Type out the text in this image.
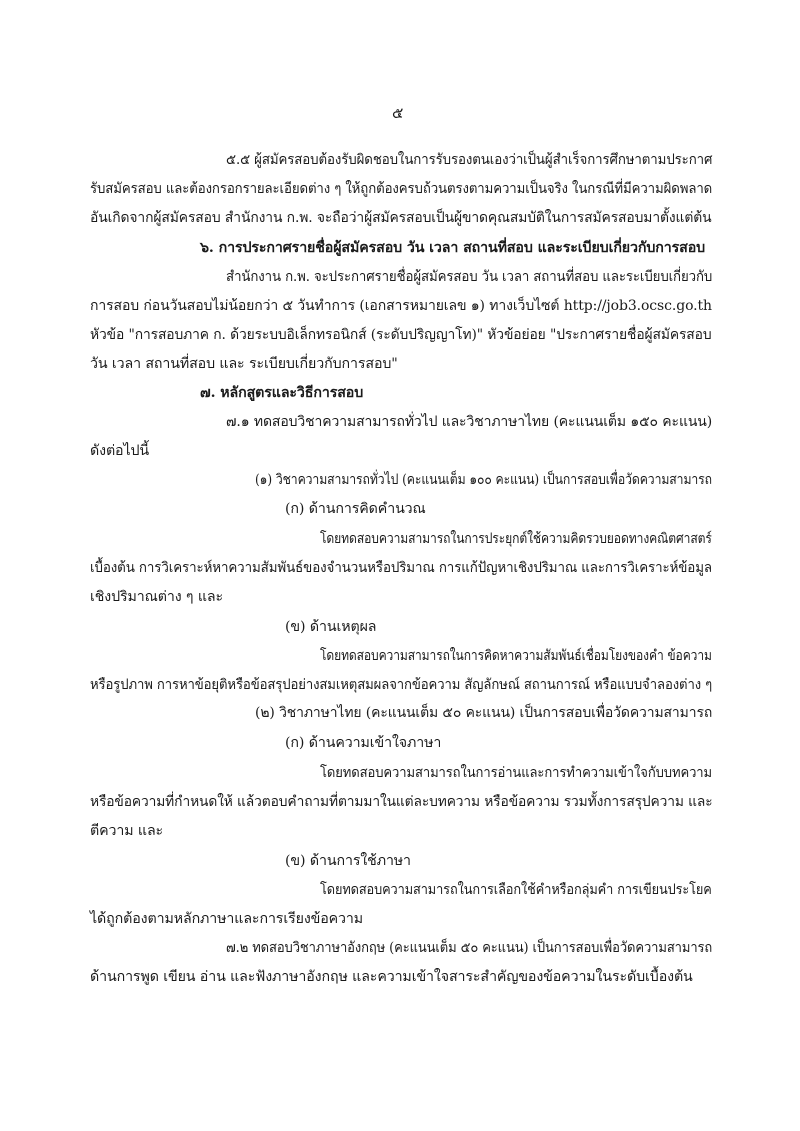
๕
๕.๕ ผู้สมัครสอบต้องรับผิดชอบในการรับรองตนเองว่าเป็นผู้สำเร็จการศึกษาตามประกาศ
รับสมัครสอบ และต้องกรอกรายละเอียดต่าง ๆ ให้ถูกต้องครบถ้วนตรงตามความเป็นจริง ในกรณีที่มีความผิดพลาด
อันเกิดจากผู้สมัครสอบ สำนักงาน ก.พ. จะถือว่าผู้สมัครสอบเป็นผู้ขาดคุณสมบัติในการสมัครสอบมาตั้งแต่ต้น
๖. การประกาศรายชื่อผู้สมัครสอบ วัน เวลา สถานที่สอบ และระเบียบเกี่ยวกับการสอบ
สำนักงาน ก.พ. จะประกาศรายชื่อผู้สมัครสอบ วัน เวลา สถานที่สอบ และระเบียบเกี่ยวกับ
การสอบ ก่อนวันสอบไม่น้อยกว่า ๕ วันทำการ (เอกสารหมายเลข ๑) ทางเว็บไซต์ http://job3.ocsc.go.th
หัวข้อ "การสอบภาค ก. ด้วยระบบอิเล็กทรอนิกส์ (ระดับปริญญาโท)" หัวข้อย่อย "ประกาศรายชื่อผู้สมัครสอบ
วัน เวลา สถานที่สอบ และ ระเบียบเกี่ยวกับการสอบ"
๗. หลักสูตรและวิธีการสอบ
๗.๑ ทดสอบวิชาความสามารถทั่วไป และวิชาภาษาไทย (คะแนนเต็ม ๑๕๐ คะแนน)
ดังต่อไปนี้
(๑) วิชาความสามารถทั่วไป (คะแนนเต็ม ๑๐๐ คะแนน) เป็นการสอบเพื่อวัดความสามารถ
(ก) ด้านการคิดคำนวณ
โดยทดสอบความสามารถในการประยุกต์ใช้ความคิดรวบยอดทางคณิตศาสตร์
เบื้องต้น การวิเคราะห์หาความสัมพันธ์ของจำนวนหรือปริมาณ การแก้ปัญหาเชิงปริมาณ และการวิเคราะห์ข้อมูล
เชิงปริมาณต่าง ๆ และ
(ข) ด้านเหตุผล
โดยทดสอบความสามารถในการคิดหาความสัมพันธ์เชื่อมโยงของคำ ข้อความ
หรือรูปภาพ การหาข้อยุติหรือข้อสรุปอย่างสมเหตุสมผลจากข้อความ สัญลักษณ์ สถานการณ์ หรือแบบจำลองต่าง ๆ
(๒) วิชาภาษาไทย (คะแนนเต็ม ๕๐ คะแนน) เป็นการสอบเพื่อวัดความสามารถ
(ก) ด้านความเข้าใจภาษา
โดยทดสอบความสามารถในการอ่านและการทำความเข้าใจกับบทความ
หรือข้อความที่กำหนดให้ แล้วตอบคำถามที่ตามมาในแต่ละบทความ หรือข้อความ รวมทั้งการสรุปความ และ
ตีความ และ
(ข) ด้านการใช้ภาษา
โดยทดสอบความสามารถในการเลือกใช้คำหรือกลุ่มคำ การเขียนประโยค
ได้ถูกต้องตามหลักภาษาและการเรียงข้อความ
๗.๒ ทดสอบวิชาภาษาอังกฤษ (คะแนนเต็ม ๕๐ คะแนน) เป็นการสอบเพื่อวัดความสามารถ
ด้านการพูด เขียน อ่าน และฟังภาษาอังกฤษ และความเข้าใจสาระสำคัญของข้อความในระดับเบื้องต้น
